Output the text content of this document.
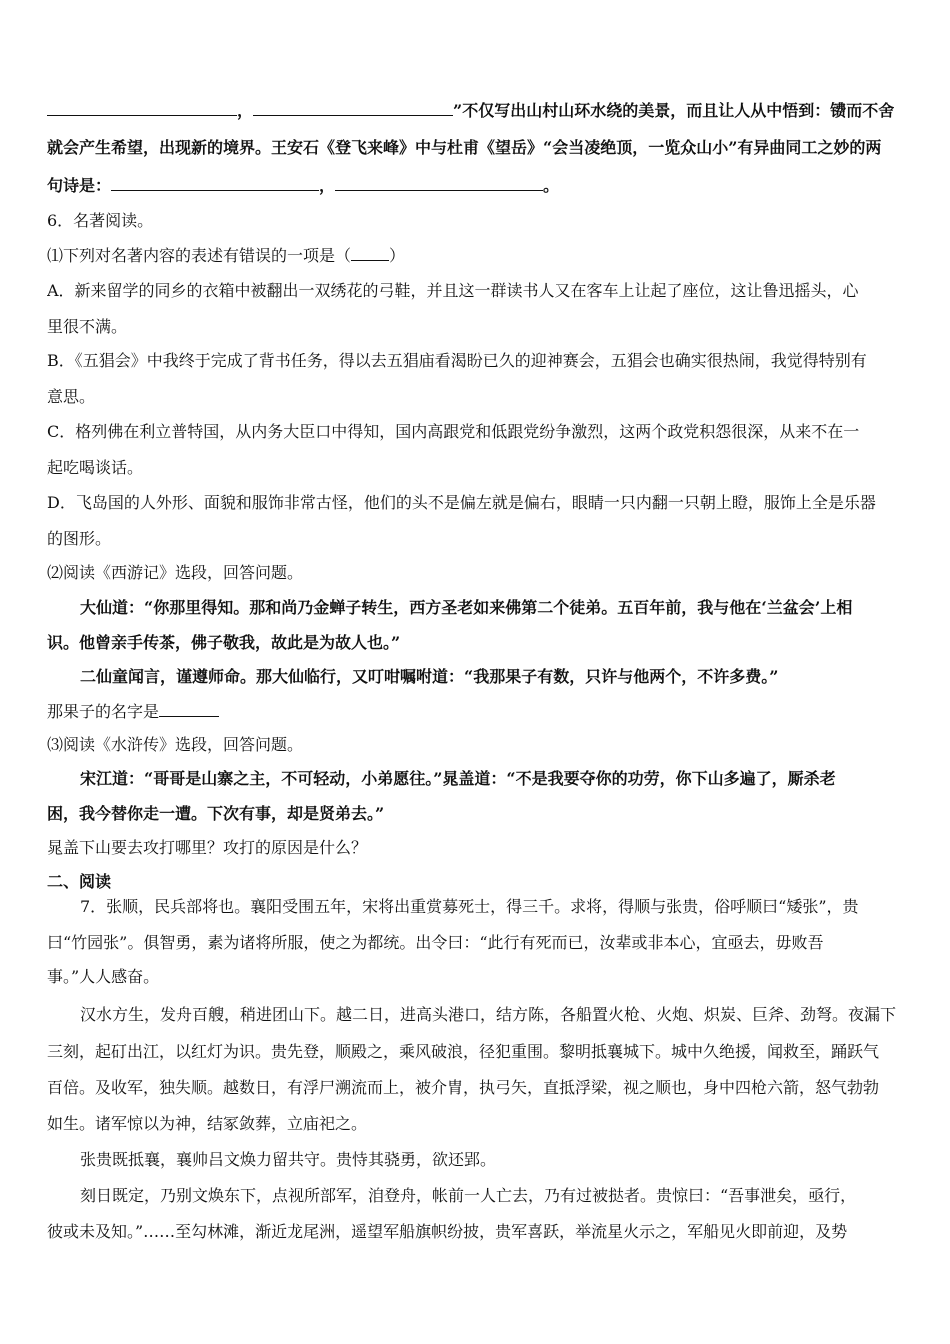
，	”不仅写出山村山环水绕的美景，而且让人从中悟到：镄而不舍
就会产生希望，出现新的境界。王安石《登飞来峰》中与杜甫《望岳》“会当凌绝顶，一览众山小”有异曲同工之妙的两
句诗是：	，	。
6．名著阅读。
⑴下列对名著内容的表述有错误的一项是（ ）
A．新来留学的同乡的衣箱中被翻出一双绣花的弓鞋，并且这一群读书人又在客车上让起了座位，这让鲁迅摇头，心
里很不满。
B．《五猖会》中我终于完成了背书任务，得以去五猖庙看渴盼已久的迎神赛会，五猖会也确实很热闹，我觉得特别有
意思。
C．格列佛在利立普特国，从内务大臣口中得知，国内高跟党和低跟党纷争激烈，这两个政党积怨很深，从来不在一
起吃喝谈话。
D．飞岛国的人外形、面貌和服饰非常古怪，他们的头不是偏左就是偏右，眼睛一只内翻一只朝上瞪，服饰上全是乐器
的图形。
⑵阅读《西游记》选段，回答问题。
大仙道：“你那里得知。那和尚乃金蝉子转生，西方圣老如来佛第二个徒弟。五百年前，我与他在‘兰盆会’上相
识。他曾亲手传茶，佛子敬我，故此是为故人也。”
二仙童闻言，谨遵师命。那大仙临行，又叮咁嘱咐道：“我那果子有数，只许与他两个，不许多费。”
那果子的名字是
⑶阅读《水浒传》选段，回答问题。
宋江道：“哥哥是山寨之主，不可轻动，小弟愿往。”晁盖道：“不是我要夺你的功劳，你下山多遍了，厮杀老
困，我今替你走一遭。下次有事，却是贤弟去。”
晁盖下山要去攻打哪里？攻打的原因是什么？
二、阅读
7．张顺，民兵部将也。襄阳受围五年，宋将出重赏募死士，得三千。求将，得顺与张贵，俗呼顺曰“矮张”，贵
曰“竹园张”。俱智勇，素为诸将所服，使之为都统。出令曰：“此行有死而已，汝辈或非本心，宜亟去，毋败吾
事。”人人感奋。
汉水方生，发舟百艘，稍进团山下。越二日，进高头港口，结方陈，各船置火枪、火炮、炽炭、巨斧、劲弩。夜漏下
三刻，起矴出江，以红灯为识。贵先登，顺殿之，乘风破浪，径犯重围。黎明抵襄城下。城中久绝援，闻救至，踊跃气
百倍。及收军，独失顺。越数日，有浮尸溯流而上，被介胄，执弓矢，直抵浮梁，视之顺也，身中四枪六箭，怒气勃勃
如生。诸军惊以为神，结冢敛葬，立庙祀之。
张贵既抵襄，襄帅吕文焕力留共守。贵恃其骁勇，欲还郢。
刻日既定，乃别文焕东下，点视所部军，洎登舟，帐前一人亡去，乃有过被挞者。贵惊曰：“吾事泄矣，亟行，
彼或未及知。”……至勾林滩，渐近龙尾洲，遥望军船旗帜纷披，贵军喜跃，举流星火示之，军船见火即前迎，及势
